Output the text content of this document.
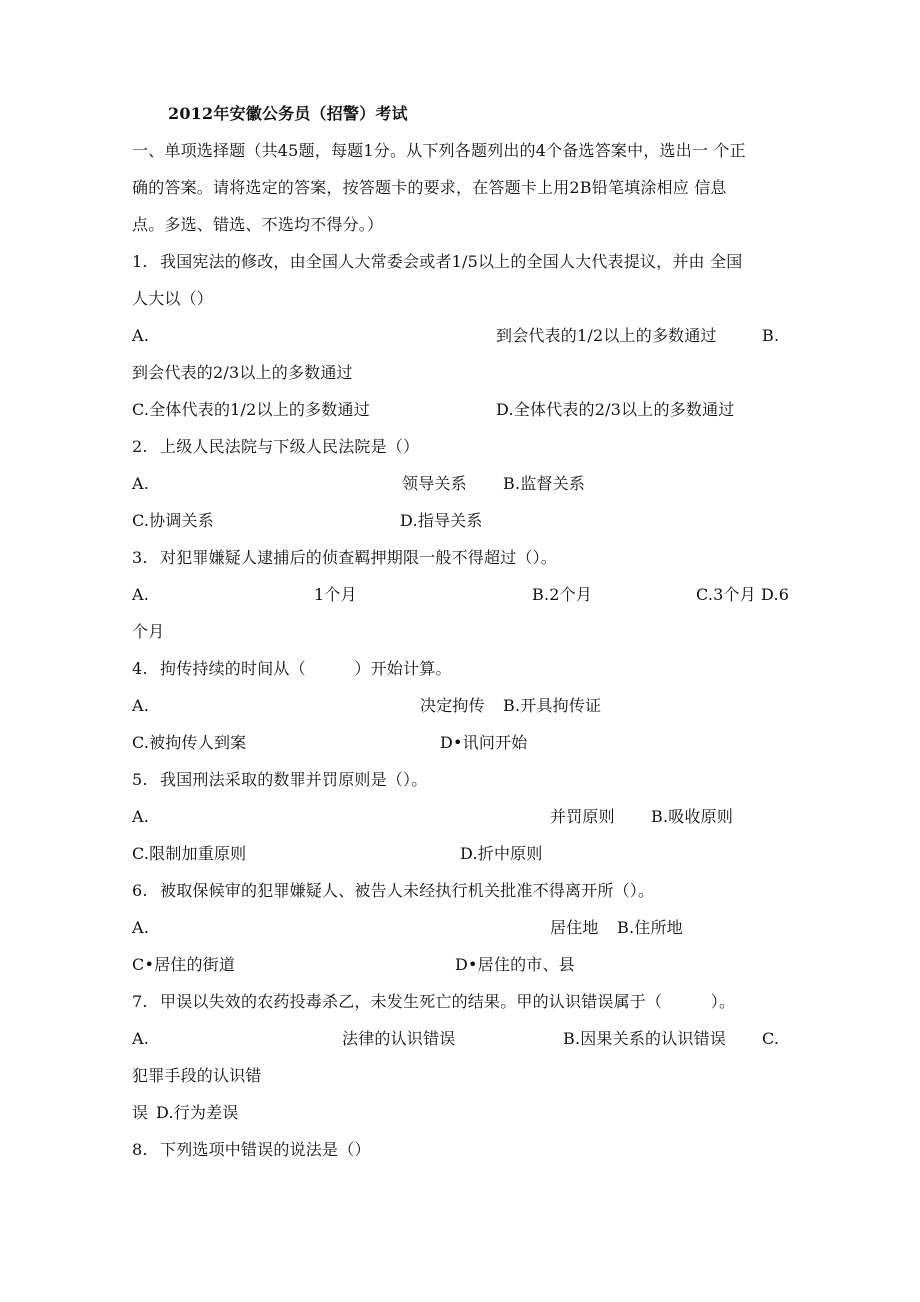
2012年安徽公务员（招警）考试
一、单项选择题（共45题，每题1分。从下列各题列出的4个备选答案中，选出一 个正
确的答案。请将选定的答案，按答题卡的要求，在答题卡上用2B铅笔填涂相应 信息
点。多选、错选、不选均不得分。）
1. 我国宪法的修改，由全国人大常委会或者1/5以上的全国人大代表提议，并由 全国
人大以（）
A.	到会代表的1/2以上的多数通过	B.
到会代表的2/3以上的多数通过
C.全体代表的1/2以上的多数通过	D.全体代表的2/3以上的多数通过
2. 上级人民法院与下级人民法院是（）
A.	领导关系 B.监督关系
C.协调关系	D.指导关系
3. 对犯罪嫌疑人逮捕后的侦查羁押期限一般不得超过（）。
A.	1个月	B.2个月	C.3个月 D.6
个月
4. 拘传持续的时间从（　　　）开始计算。
A.	决定拘传 B.开具拘传证
C.被拘传人到案	D•讯问开始
5. 我国刑法采取的数罪并罚原则是（）。
A.	并罚原则 B.吸收原则
C.限制加重原则	D.折中原则
6. 被取保候审的犯罪嫌疑人、被告人未经执行机关批准不得离开所（）。
A.	居住地 B.住所地
C•居住的街道	D•居住的市、县
7. 甲误以失效的农药投毒杀乙，未发生死亡的结果。甲的认识错误属于（　　　）。
A.	法律的认识错误	B.因果关系的认识错误 C.
犯罪手段的认识错
误 D.行为差误
8. 下列选项中错误的说法是（）
